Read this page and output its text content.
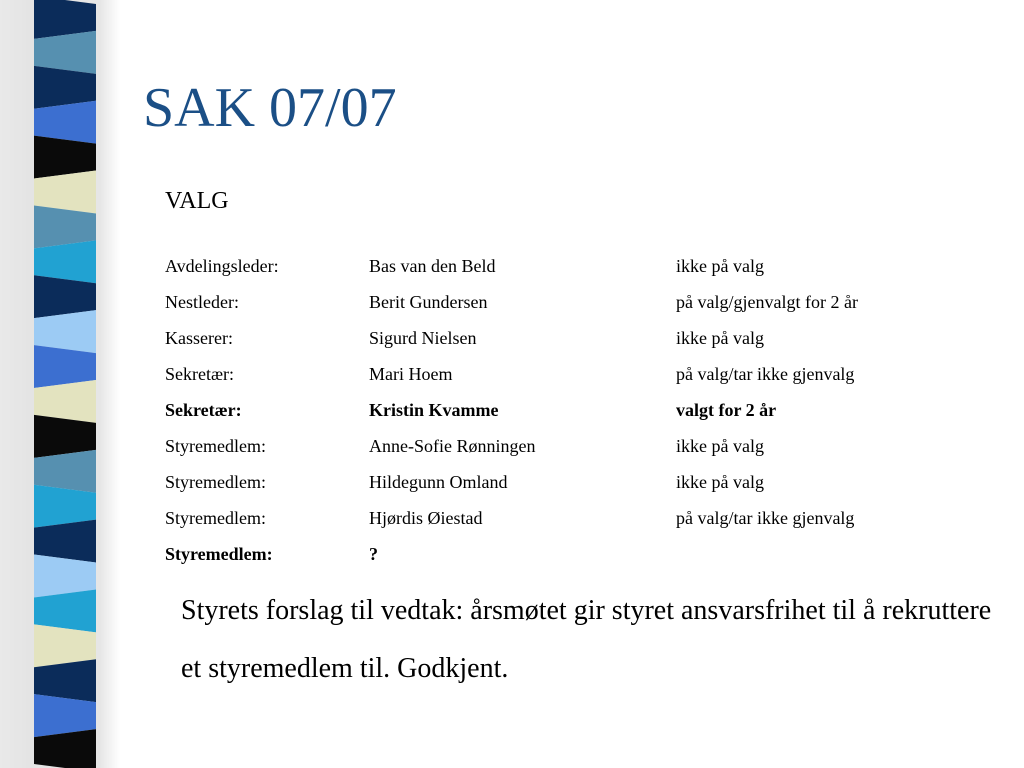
SAK 07/07
VALG
Avdelingsleder:	Bas van den Beld	ikke på valg
Nestleder:	Berit Gundersen	på valg/gjenvalgt for 2 år
Kasserer:	Sigurd Nielsen	ikke på valg
Sekretær:	Mari Hoem	på valg/tar ikke gjenvalg
Sekretær:	Kristin Kvamme	valgt for 2 år
Styremedlem:	Anne-Sofie Rønningen	ikke på valg
Styremedlem:	Hildegunn Omland	ikke på valg
Styremedlem:	Hjørdis Øiestad	på valg/tar ikke gjenvalg
Styremedlem:	?
Styrets forslag til vedtak: årsmøtet gir styret ansvarsfrihet til å rekruttere et styremedlem til. Godkjent.
